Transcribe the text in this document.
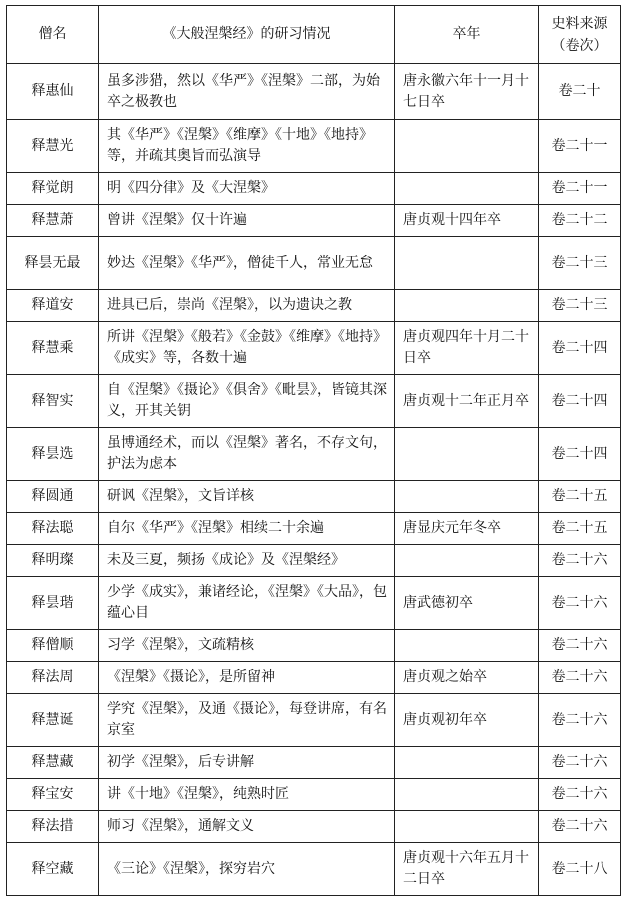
僧名	《大般涅槃经》的研习情况	卒年	史料来源
（卷次）
释惠仙	虽多涉猎，然以《华严》《涅槃》二部，为始卒之极教也	唐永徽六年十一月十七日卒	卷二十
释慧光	其《华严》《涅槃》《维摩》《十地》《地持》等，并疏其奥旨而弘演导		卷二十一
释觉朗	明《四分律》及《大涅槃》		卷二十一
释慧萧	曾讲《涅槃》仅十许遍	唐贞观十四年卒	卷二十二
释昙无最	妙达《涅槃》《华严》，僧徒千人，常业无怠		卷二十三
释道安	进具已后，崇尚《涅槃》，以为遗诀之教		卷二十三
释慧乘	所讲《涅槃》《般若》《金鼓》《维摩》《地持》《成实》等，各数十遍	唐贞观四年十月二十日卒	卷二十四
释智实	自《涅槃》《摄论》《俱舍》《毗昙》，皆镜其深义，开其关钥	唐贞观十二年正月卒	卷二十四
释昙选	虽博通经术，而以《涅槃》著名，不存文句，护法为虑本		卷二十四
释圆通	研讽《涅槃》，文旨详核		卷二十五
释法聪	自尔《华严》《涅槃》相续二十余遍	唐显庆元年冬卒	卷二十五
释明璨	未及三夏，频扬《成论》及《涅槃经》		卷二十六
释昙瑎	少学《成实》，兼诸经论，《涅槃》《大品》，包蕴心目	唐武德初卒	卷二十六
释僧顺	习学《涅槃》，文疏精核		卷二十六
释法周	《涅槃》《摄论》，是所留神	唐贞观之始卒	卷二十六
释慧诞	学究《涅槃》，及通《摄论》，每登讲席，有名京室	唐贞观初年卒	卷二十六
释慧藏	初学《涅槃》，后专讲解		卷二十六
释宝安	讲《十地》《涅槃》，纯熟时匠		卷二十六
释法措	师习《涅槃》，通解文义		卷二十六
释空藏	《三论》《涅槃》，探穷岩穴	唐贞观十六年五月十二日卒	卷二十八
